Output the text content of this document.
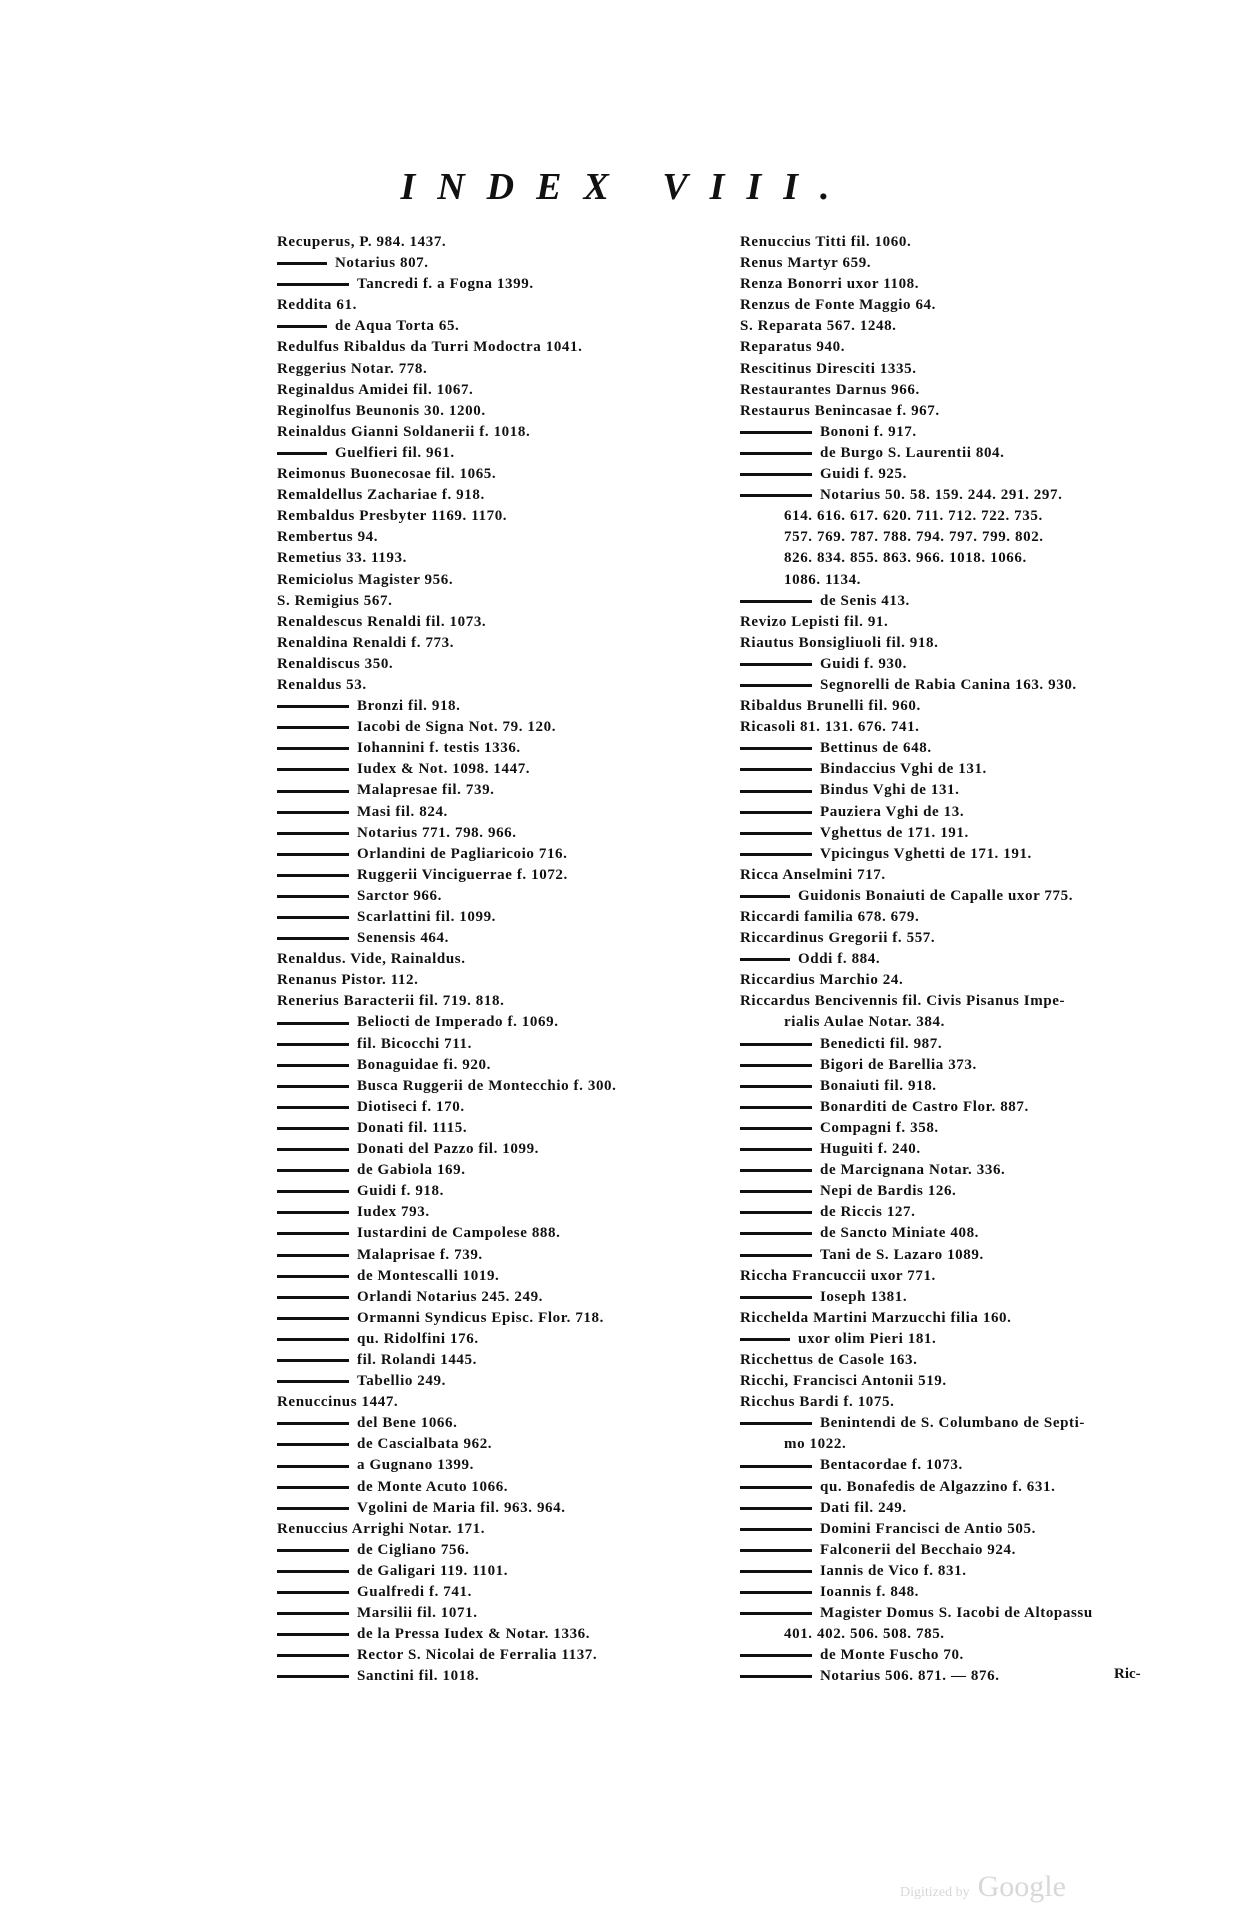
INDEX VIII.
Recuperus, P. 984. 1437.
Notarius 807.
Tancredi f. a Fogna 1399.
Reddita 61.
de Aqua Torta 65.
Redulfus Ribaldus da Turri Modoctra 1041.
Reggerius Notar. 778.
Reginaldus Amidei fil. 1067.
Reginolfus Beunonis 30. 1200.
Reinaldus Gianni Soldanerii f. 1018.
Guelfieri fil. 961.
Reimonus Buonecosae fil. 1065.
Remaldellus Zachariae f. 918.
Rembaldus Presbyter 1169. 1170.
Rembertus 94.
Remetius 33. 1193.
Remiciolus Magister 956.
S. Remigius 567.
Renaldescus Renaldi fil. 1073.
Renaldina Renaldi f. 773.
Renaldiscus 350.
Renaldus 53.
Bronzi fil. 918.
Iacobi de Signa Not. 79. 120.
Iohannini f. testis 1336.
Iudex & Not. 1098. 1447.
Malapresae fil. 739.
Masi fil. 824.
Notarius 771. 798. 966.
Orlandini de Pagliaricoio 716.
Ruggerii Vinciguerrae f. 1072.
Sarctor 966.
Scarlattini fil. 1099.
Senensis 464.
Renaldus. Vide, Rainaldus.
Renanus Pistor. 112.
Renerius Baracterii fil. 719. 818.
Beliocti de Imperado f. 1069.
fil. Bicocchi 711.
Bonaguidae fi. 920.
Busca Ruggerii de Montecchio f. 300.
Diotiseci f. 170.
Donati fil. 1115.
Donati del Pazzo fil. 1099.
de Gabiola 169.
Guidi f. 918.
Iudex 793.
Iustardini de Campolese 888.
Malaprisae f. 739.
de Montescalli 1019.
Orlandi Notarius 245. 249.
Ormanni Syndicus Episc. Flor. 718.
qu. Ridolfini 176.
fil. Rolandi 1445.
Tabellio 249.
Renuccinus 1447.
del Bene 1066.
de Cascialbata 962.
a Gugnano 1399.
de Monte Acuto 1066.
Vgolini de Maria fil. 963. 964.
Renuccius Arrighi Notar. 171.
de Cigliano 756.
de Galigari 119. 1101.
Gualfredi f. 741.
Marsilii fil. 1071.
de la Pressa Iudex & Notar. 1336.
Rector S. Nicolai de Ferralia 1137.
Sanctini fil. 1018.
Renuccius Titti fil. 1060.
Renus Martyr 659.
Renza Bonorri uxor 1108.
Renzus de Fonte Maggio 64.
S. Reparata 567. 1248.
Reparatus 940.
Rescitinus Diresciti 1335.
Restaurantes Darnus 966.
Restaurus Benincasae f. 967.
Bononi f. 917.
de Burgo S. Laurentii 804.
Guidi f. 925.
Notarius 50. 58. 159. 244. 291. 297.
614. 616. 617. 620. 711. 712. 722. 735.
757. 769. 787. 788. 794. 797. 799. 802.
826. 834. 855. 863. 966. 1018. 1066.
1086. 1134.
de Senis 413.
Revizo Lepisti fil. 91.
Riautus Bonsigliuoli fil. 918.
Guidi f. 930.
Segnorelli de Rabia Canina 163. 930.
Ribaldus Brunelli fil. 960.
Ricasoli 81. 131. 676. 741.
Bettinus de 648.
Bindaccius Vghi de 131.
Bindus Vghi de 131.
Pauziera Vghi de 13.
Vghettus de 171. 191.
Vpicingus Vghetti de 171. 191.
Ricca Anselmini 717.
Guidonis Bonaiuti de Capalle uxor 775.
Riccardi familia 678. 679.
Riccardinus Gregorii f. 557.
Oddi f. 884.
Riccardius Marchio 24.
Riccardus Bencivennis fil. Civis Pisanus Impe-
rialis Aulae Notar. 384.
Benedicti fil. 987.
Bigori de Barellia 373.
Bonaiuti fil. 918.
Bonarditi de Castro Flor. 887.
Compagni f. 358.
Huguiti f. 240.
de Marcignana Notar. 336.
Nepi de Bardis 126.
de Riccis 127.
de Sancto Miniate 408.
Tani de S. Lazaro 1089.
Riccha Francuccii uxor 771.
Ioseph 1381.
Riccheldа Martini Marzucchi filia 160.
uxor olim Pieri 181.
Ricchettus de Casole 163.
Ricchi, Francisci Antonii 519.
Ricchus Bardi f. 1075.
Benintendi de S. Columbano de Septi-
mo 1022.
Bentacordae f. 1073.
qu. Bonafedis de Algazzino f. 631.
Dati fil. 249.
Domini Francisci de Antio 505.
Falconerii del Becchaio 924.
Iannis de Vico f. 831.
Ioannis f. 848.
Magister Domus S. Iacobi de Altopassu
401. 402. 506. 508. 785.
de Monte Fuscho 70.
Notarius 506. 871. — 876.	Ric-
Digitized by Google
